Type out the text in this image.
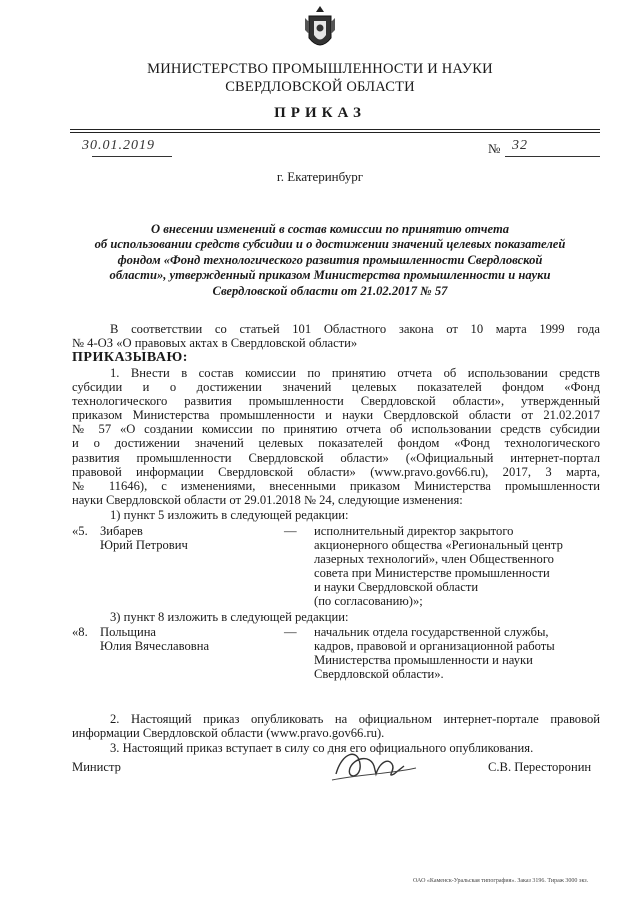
МИНИСТЕРСТВО ПРОМЫШЛЕННОСТИ И НАУКИ
СВЕРДЛОВСКОЙ ОБЛАСТИ
ПРИКАЗ
30.01.2019	№ 32
г. Екатеринбург
О внесении изменений в состав комиссии по принятию отчета
об использовании средств субсидии и о достижении значений целевых показателей
фондом «Фонд технологического развития промышленности Свердловской
области», утвержденный приказом Министерства промышленности и науки
Свердловской области от 21.02.2017 № 57

В соответствии со статьей 101 Областного закона от 10 марта 1999 года

№ 4-ОЗ «О правовых актах в Свердловской области»

ПРИКАЗЫВАЮ:

1. Внести в состав комиссии по принятию отчета об использовании средств

субсидии и о достижении значений целевых показателей фондом «Фонд

технологического развития промышленности Свердловской области», утвержденный

приказом Министерства промышленности и науки Свердловской области от 21.02.2017

№ 57 «О создании комиссии по принятию отчета об использовании средств субсидии

и о достижении значений целевых показателей фондом «Фонд технологического

развития промышленности Свердловской области» («Официальный интернет-портал

правовой информации Свердловской области» (www.pravo.gov66.ru), 2017, 3 марта,

№ 11646), с изменениями, внесенными приказом Министерства промышленности

науки Свердловской области от 29.01.2018 № 24, следующие изменения:

1) пункт 5 изложить в следующей редакции:
«5. Зибарев
Юрий Петрович
— исполнительный директор закрытого
акционерного общества «Региональный центр
лазерных технологий», член Общественного
совета при Министерстве промышленности
и науки Свердловской области
(по согласованию)»;
3) пункт 8 изложить в следующей редакции:
«8. Польщина
Юлия Вячеславовна
— начальник отдела государственной службы,
кадров, правовой и организационной работы
Министерства промышленности и науки
Свердловской области».

2. Настоящий приказ опубликовать на официальном интернет-портале правовой

информации Свердловской области (www.pravo.gov66.ru).

3. Настоящий приказ вступает в силу со дня его официального опубликования.

Министр	С.В. Пересторонин
ОАО «Каменск-Уральская типография». Заказ 3196. Тираж 3000 экз.
